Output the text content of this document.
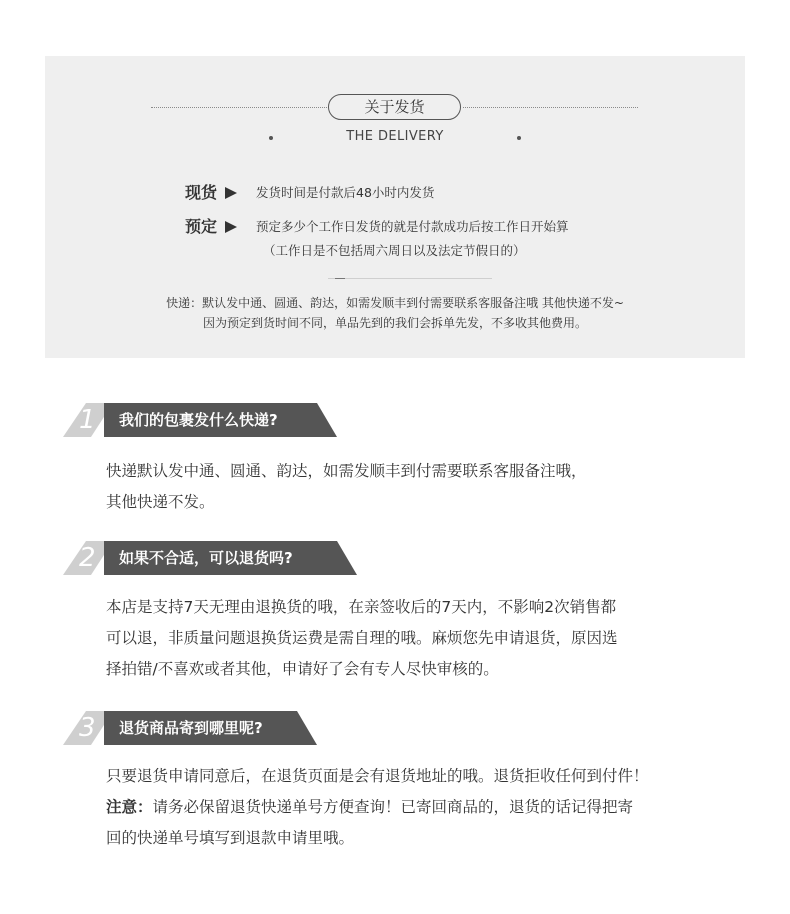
关于发货
THE DELIVERY
现货	发货时间是付款后48小时内发货
预定	预定多少个工作日发货的就是付款成功后按工作日开始算
（工作日是不包括周六周日以及法定节假日的）
快递：默认发中通、圆通、韵达，如需发顺丰到付需要联系客服备注哦 其他快递不发~
因为预定到货时间不同，单品先到的我们会拆单先发，不多收其他费用。
1 我们的包裹发什么快递?
快递默认发中通、圆通、韵达，如需发顺丰到付需要联系客服备注哦，
其他快递不发。
2 如果不合适，可以退货吗?
本店是支持7天无理由退换货的哦，在亲签收后的7天内，不影响2次销售都
可以退，非质量问题退换货运费是需自理的哦。麻烦您先申请退货，原因选
择拍错/不喜欢或者其他，申请好了会有专人尽快审核的。
3 退货商品寄到哪里呢?
只要退货申请同意后，在退货页面是会有退货地址的哦。退货拒收任何到付件！
注意：请务必保留退货快递单号方便查询！已寄回商品的，退货的话记得把寄
回的快递单号填写到退款申请里哦。
